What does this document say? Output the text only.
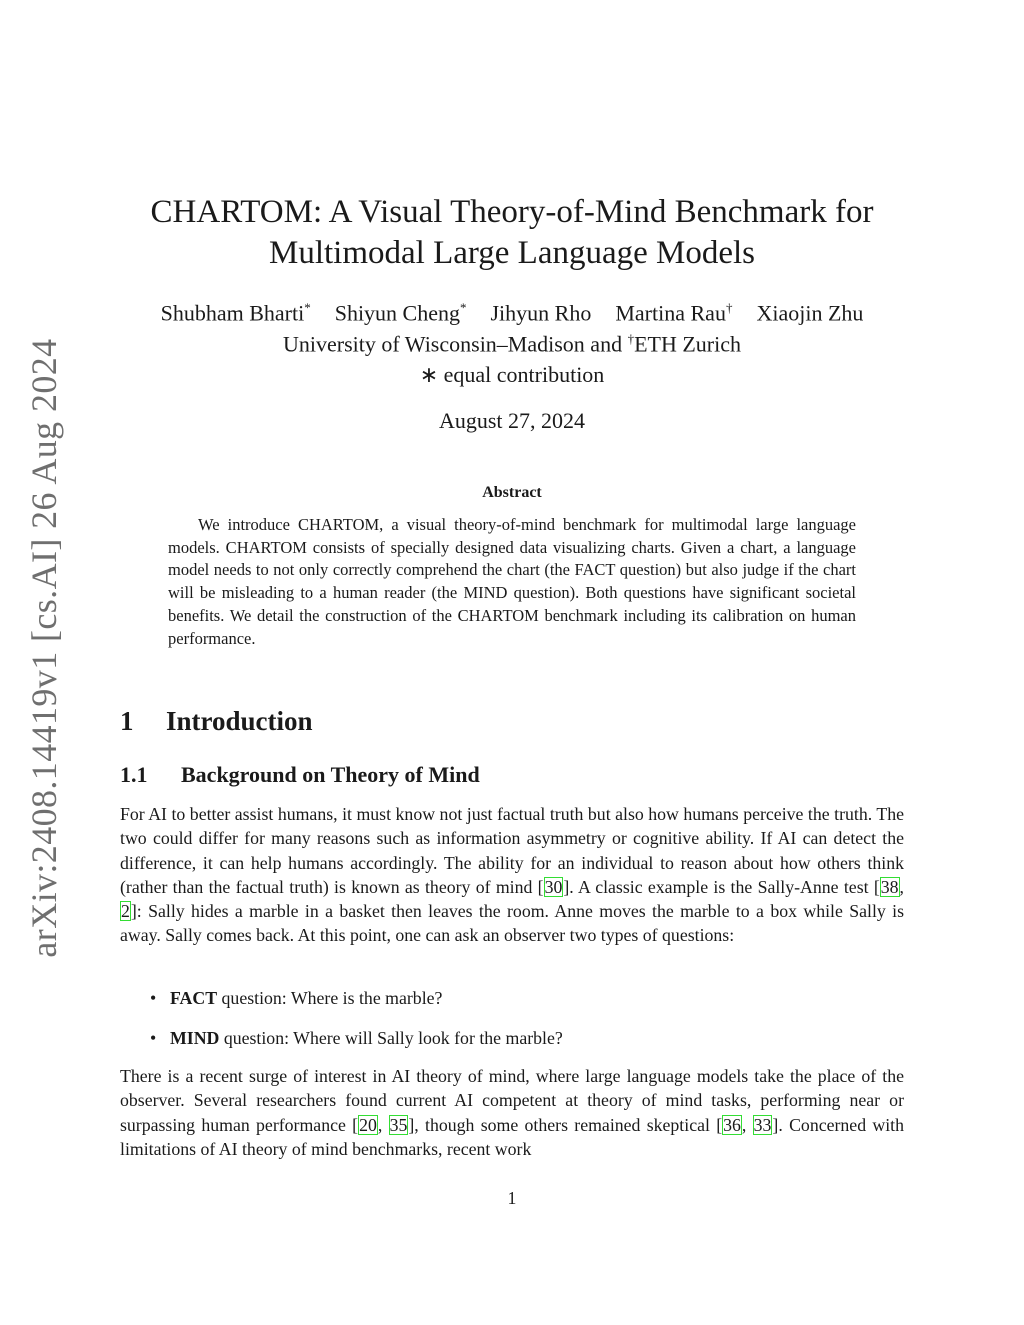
arXiv:2408.14419v1 [cs.AI] 26 Aug 2024
CHARTOM: A Visual Theory-of-Mind Benchmark for
Multimodal Large Language Models
Shubham Bharti* Shiyun Cheng* Jihyun Rho Martina Rau† Xiaojin Zhu
University of Wisconsin–Madison and †ETH Zurich
∗ equal contribution
August 27, 2024
Abstract

We introduce CHARTOM, a visual theory-of-mind benchmark for multimodal large language models. CHARTOM consists of specially designed data visualizing charts. Given a chart, a language model needs to not only correctly comprehend the chart (the FACT question) but also judge if the chart will be misleading to a human reader (the MIND question). Both questions have significant societal benefits. We detail the construction of the CHARTOM benchmark including its calibration on human performance.

1 Introduction
1.1 Background on Theory of Mind

For AI to better assist humans, it must know not just factual truth but also how humans perceive the truth. The two could differ for many reasons such as information asymmetry or cognitive ability. If AI can detect the difference, it can help humans accordingly. The ability for an individual to reason about how others think (rather than the factual truth) is known as theory of mind [30]. A classic example is the Sally-Anne test [38, 2]: Sally hides a marble in a basket then leaves the room. Anne moves the marble to a box while Sally is away. Sally comes back. At this point, one can ask an observer two types of questions:

• FACT question: Where is the marble?
• MIND question: Where will Sally look for the marble?

There is a recent surge of interest in AI theory of mind, where large language models take the place of the observer. Several researchers found current AI competent at theory of mind tasks, performing near or surpassing human performance [20, 35], though some others remained skeptical [36, 33]. Concerned with limitations of AI theory of mind benchmarks, recent work

1
